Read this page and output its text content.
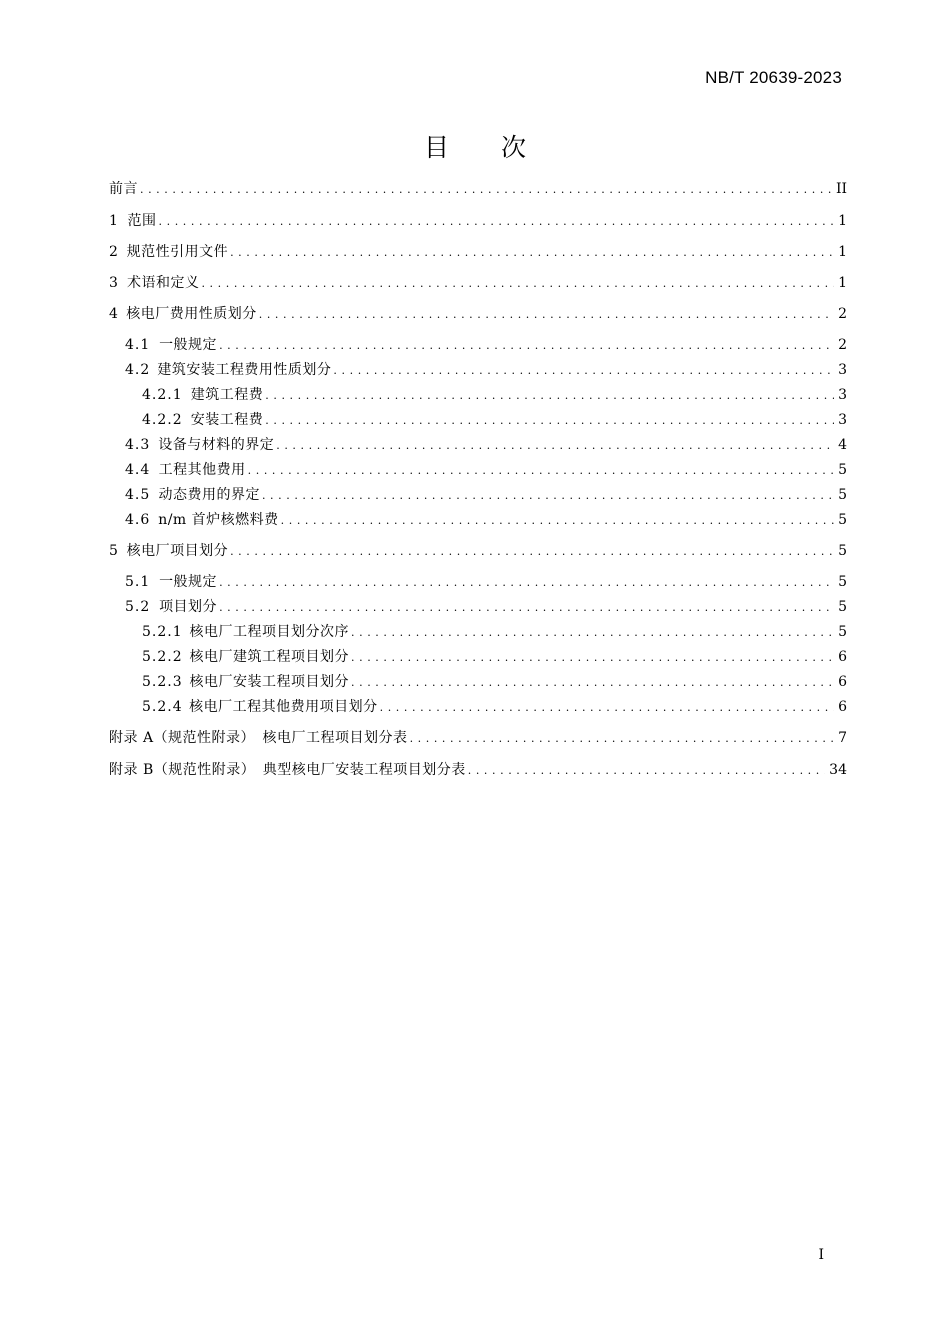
NB/T 20639-2023
目 次
前言 . . .	II
1 范围 . . .	1
2 规范性引用文件 . . .	1
3 术语和定义 . . .	1
4 核电厂费用性质划分 . . .	2
4.1 一般规定 . . .	2
4.2 建筑安装工程费用性质划分 . . .	3
4.2.1 建筑工程费 . . .	3
4.2.2 安装工程费 . . .	3
4.3 设备与材料的界定 . . .	4
4.4 工程其他费用 . . .	5
4.5 动态费用的界定 . . .	5
4.6 n/m 首炉核燃料费 . . .	5
5 核电厂项目划分 . . .	5
5.1 一般规定 . . .	5
5.2 项目划分 . . .	5
5.2.1 核电厂工程项目划分次序 . . .	5
5.2.2 核电厂建筑工程项目划分 . . .	6
5.2.3 核电厂安装工程项目划分 . . .	6
5.2.4 核电厂工程其他费用项目划分 . . .	6
附录 A（规范性附录）　核电厂工程项目划分表 . . .	7
附录 B（规范性附录）　典型核电厂安装工程项目划分表 . . .	34
I
